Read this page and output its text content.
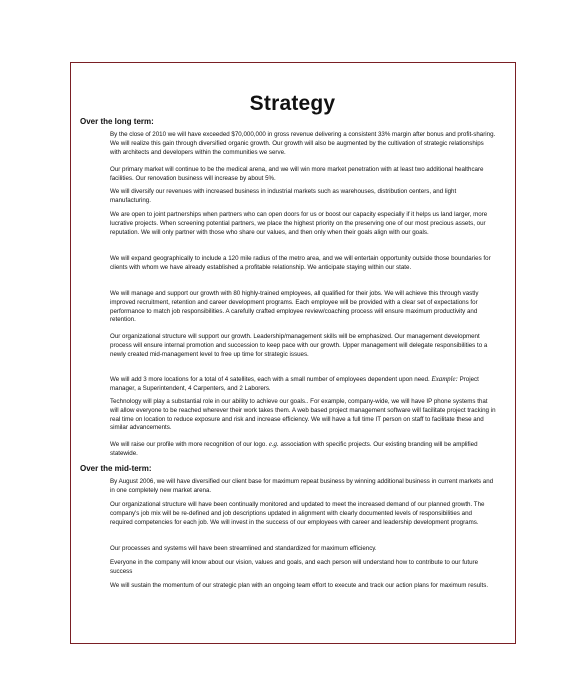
Strategy
Over the long term:

By the close of 2010 we will have exceeded $70,000,000 in gross revenue delivering a consistent 33% margin after bonus and profit-sharing. We will realize this gain through diversified organic growth. Our growth will also be augmented by the cultivation of strategic relationships with architects and developers within the communities we serve.

Our primary market will continue to be the medical arena, and we will win more market penetration with at least two additional healthcare facilities. Our renovation business will increase by about 5%.

We will diversify our revenues with increased business in industrial markets such as warehouses, distribution centers, and light manufacturing.

We are open to joint partnerships when partners who can open doors for us or boost our capacity especially if it helps us land larger, more lucrative projects. When screening potential partners, we place the highest priority on the preserving one of our most precious assets, our reputation. We will only partner with those who share our values, and then only when their goals align with our goals.

We will expand geographically to include a 120 mile radius of the metro area, and we will entertain opportunity outside those boundaries for clients with whom we have already established a profitable relationship. We anticipate staying within our state.

We will manage and support our growth with 80 highly-trained employees, all qualified for their jobs. We will achieve this through vastly improved recruitment, retention and career development programs. Each employee will be provided with a clear set of expectations for performance to match job responsibilities. A carefully crafted employee review/coaching process will ensure maximum productivity and retention.

Our organizational structure will support our growth. Leadership/management skills will be emphasized. Our management development process will ensure internal promotion and succession to keep pace with our growth. Upper management will delegate responsibilities to a newly created mid-management level to free up time for strategic issues.

We will add 3 more locations for a total of 4 satellites, each with a small number of employees dependent upon need. Example: Project manager, a Superintendent, 4 Carpenters, and 2 Laborers.

Technology will play a substantial role in our ability to achieve our goals.. For example, company-wide, we will have IP phone systems that will allow everyone to be reached wherever their work takes them. A web based project management software will facilitate project tracking in real time on location to reduce exposure and risk and increase efficiency. We will have a full time IT person on staff to facilitate these and similar advancements.

We will raise our profile with more recognition of our logo. e.g. association with specific projects. Our existing branding will be amplified statewide.

Over the mid-term:

By August 2006, we will have diversified our client base for maximum repeat business by winning additional business in current markets and in one completely new market arena.

Our organizational structure will have been continually monitored and updated to meet the increased demand of our planned growth. The company's job mix will be re-defined and job descriptions updated in alignment with clearly documented levels of responsibilities and required competencies for each job. We will invest in the success of our employees with career and leadership development programs.

Our processes and systems will have been streamlined and standardized for maximum efficiency.

Everyone in the company will know about our vision, values and goals, and each person will understand how to contribute to our future success

We will sustain the momentum of our strategic plan with an ongoing team effort to execute and track our action plans for maximum results.
